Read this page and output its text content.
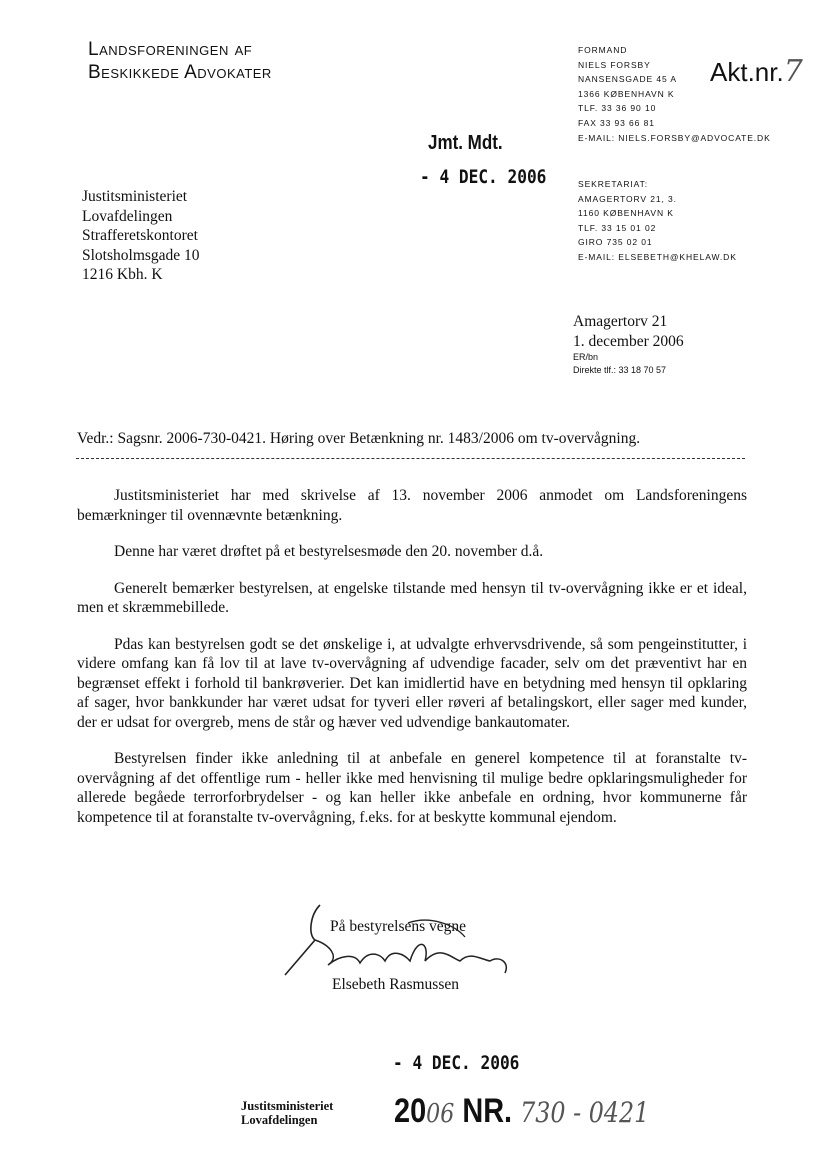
Landsforeningen af
Beskikkede Advokater
FORMAND
NIELS FORSBY
NANSENSGADE 45 A
1366 KØBENHAVN K
TLF. 33 36 90 10
FAX 33 93 66 81
E-MAIL: NIELS.FORSBY@ADVOCATE.DK
Akt.nr.7
SEKRETARIAT:
AMAGERTORV 21, 3.
1160 KØBENHAVN K
TLF. 33 15 01 02
GIRO 735 02 01
E-MAIL: ELSEBETH@KHELAW.DK
Jmt. Mdt.
- 4 DEC. 2006
Justitsministeriet
Lovafdelingen
Strafferetskontoret
Slotsholmsgade 10
1216 Kbh. K
Amagertorv 21
1. december 2006
ER/bn
Direkte tlf.: 33 18 70 57
Vedr.: Sagsnr. 2006-730-0421. Høring over Betænkning nr. 1483/2006 om tv-overvågning.

Justitsministeriet har med skrivelse af 13. november 2006 anmodet om Landsforeningens bemærkninger til ovennævnte betænkning.

Denne har været drøftet på et bestyrelsesmøde den 20. november d.å.

Generelt bemærker bestyrelsen, at engelske tilstande med hensyn til tv-overvågning ikke er et ideal, men et skræmmebillede.

Pdas kan bestyrelsen godt se det ønskelige i, at udvalgte erhvervsdrivende, så som pengeinstitutter, i videre omfang kan få lov til at lave tv-overvågning af udvendige facader, selv om det præventivt har en begrænset effekt i forhold til bankrøverier. Det kan imidlertid have en betydning med hensyn til opklaring af sager, hvor bankkunder har været udsat for tyveri eller røveri af betalingskort, eller sager med kunder, der er udsat for overgreb, mens de står og hæver ved udvendige bankautomater.

Bestyrelsen finder ikke anledning til at anbefale en generel kompetence til at foranstalte tv-overvågning af det offentlige rum - heller ikke med henvisning til mulige bedre opklaringsmuligheder for allerede begåede terrorforbrydelser - og kan heller ikke anbefale en ordning, hvor kommunerne får kompetence til at foranstalte tv-overvågning, f.eks. for at beskytte kommunal ejendom.

På bestyrelsens vegne
Elsebeth Rasmussen
- 4 DEC. 2006
Justitsministeriet
Lovafdelingen	2006 NR. 730 - 0421
